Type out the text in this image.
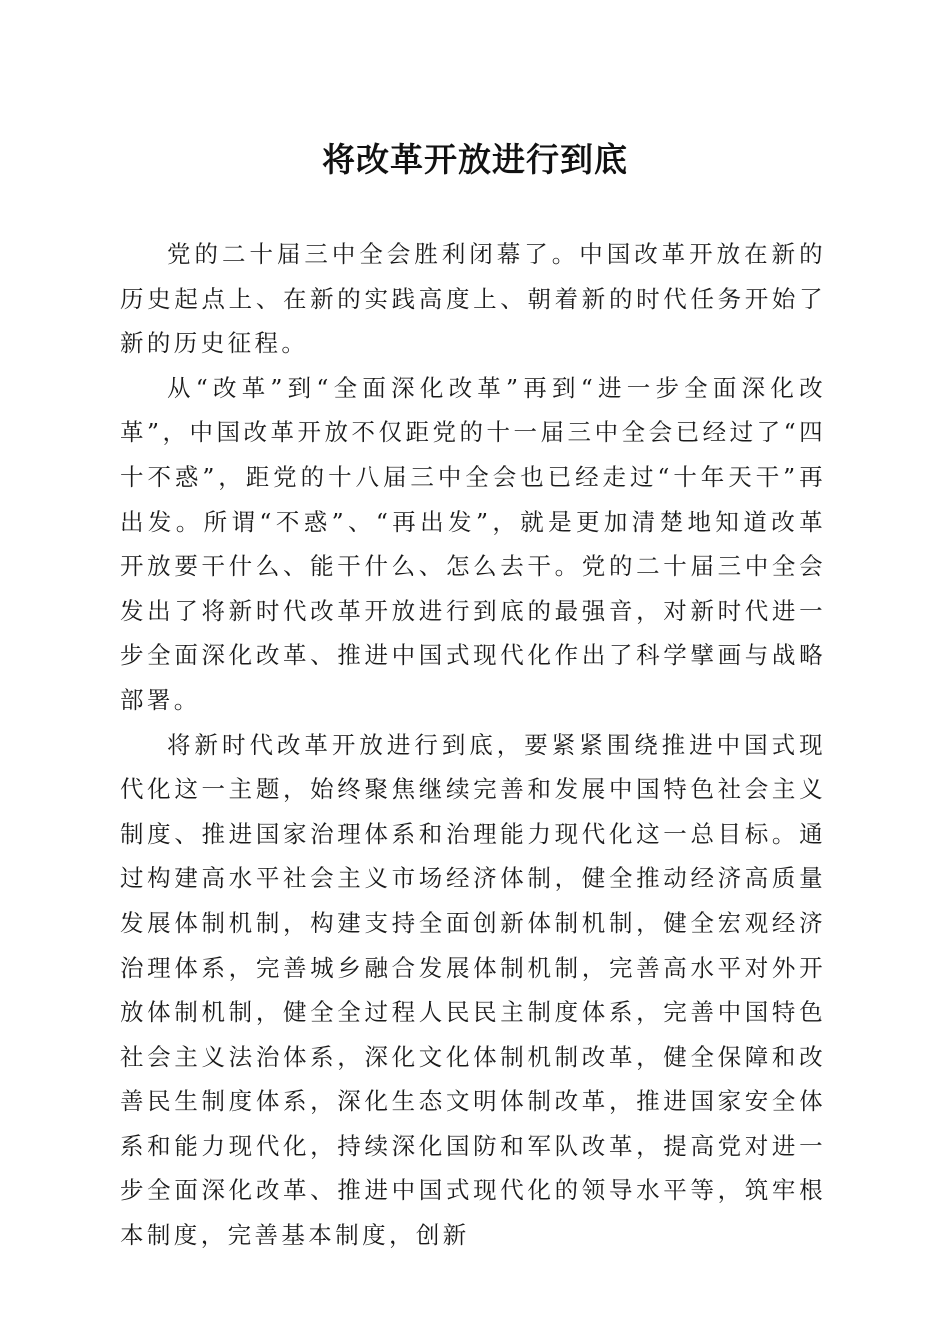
将改革开放进行到底

党的二十届三中全会胜利闭幕了。中国改革开放在新的历史起点上、在新的实践高度上、朝着新的时代任务开始了新的历史征程。

从“改革”到“全面深化改革”再到“进一步全面深化改革”，中国改革开放不仅距党的十一届三中全会已经过了“四十不惑”，距党的十八届三中全会也已经走过“十年天干”再出发。所谓“不惑”、“再出发”，就是更加清楚地知道改革开放要干什么、能干什么、怎么去干。党的二十届三中全会发出了将新时代改革开放进行到底的最强音，对新时代进一步全面深化改革、推进中国式现代化作出了科学擘画与战略部署。

将新时代改革开放进行到底，要紧紧围绕推进中国式现代化这一主题，始终聚焦继续完善和发展中国特色社会主义制度、推进国家治理体系和治理能力现代化这一总目标。通过构建高水平社会主义市场经济体制，健全推动经济高质量发展体制机制，构建支持全面创新体制机制，健全宏观经济治理体系，完善城乡融合发展体制机制，完善高水平对外开放体制机制，健全全过程人民民主制度体系，完善中国特色社会主义法治体系，深化文化体制机制改革，健全保障和改善民生制度体系，深化生态文明体制改革，推进国家安全体系和能力现代化，持续深化国防和军队改革，提高党对进一步全面深化改革、推进中国式现代化的领导水平等，筑牢根本制度，完善基本制度，创新
